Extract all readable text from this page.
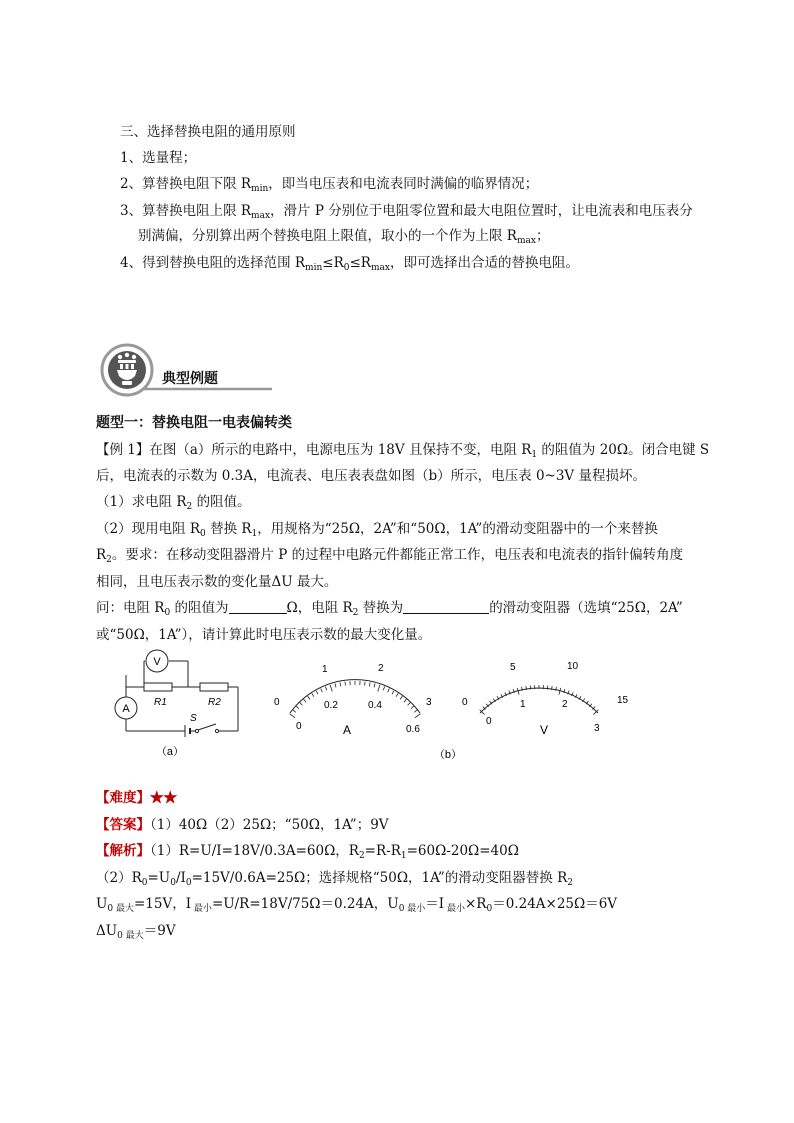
三、选择替换电阻的通用原则
1、选量程；
2、算替换电阻下限 $R_{min}$，即当电压表和电流表同时满偏的临界情况；
3、算替换电阻上限 $R_{max}$，滑片 P 分别位于电阻零位置和最大电阻位置时，让电流表和电压表分
别满偏，分别算出两个替换电阻上限值，取小的一个作为上限 $R_{max}$；
4、得到替换电阻的选择范围 $R_{min}\le R_0\le R_{max}$，即可选择出合适的替换电阻。
典型例题
题型一：替换电阻一电表偏转类
【例 1】在图（a）所示的电路中，电源电压为 18V 且保持不变，电阻 $R_1$ 的阻值为 20Ω。闭合电键 S
后，电流表的示数为 0.3A，电流表、电压表表盘如图（b）所示，电压表 0~3V 量程损坏。
（1）求电阻 $R_2$ 的阻值。
（2）现用电阻 $R_0$ 替换 $R_1$，用规格为“25Ω，2A”和“50Ω，1A”的滑动变阻器中的一个来替换
$R_2$。要求：在移动变阻器滑片 P 的过程中电路元件都能正常工作，电压表和电流表的指针偏转角度
相同，且电压表示数的变化量ΔU 最大。
问：电阻 $R_0$ 的阻值为	Ω，电阻 $R_2$ 替换为	的滑动变阻器（选填“25Ω，2A”
或“50Ω，1A”），请计算此时电压表示数的最大变化量。
V
A
R1	R2
S
（a）
0
1	2
3
0
0.2	0.4
0.6
A
0
5	10
15
0
1	2
3
V
（b）
【难度】★★
【答案】（1）40Ω（2）25Ω；“50Ω，1A”；9V
【解析】（1）R=U/I=18V/0.3A=60Ω，$R_2=R-R_1=60\Omega-20\Omega=40\Omega$
$(2)R_0=U_0/I_0=15V/0.6A=25\Omega$；选择规格“50Ω，1A”的滑动变阻器替换 $R_2$
$U_{0 最大}=15V$，I $_{最小}$=U/R=18V/75Ω＝0.24A，$U_{0 最小}=I$ $_{最小}\times R_0=0.24A\times 25\Omega=6V$
$\Delta U_{0 最大}=9V$
